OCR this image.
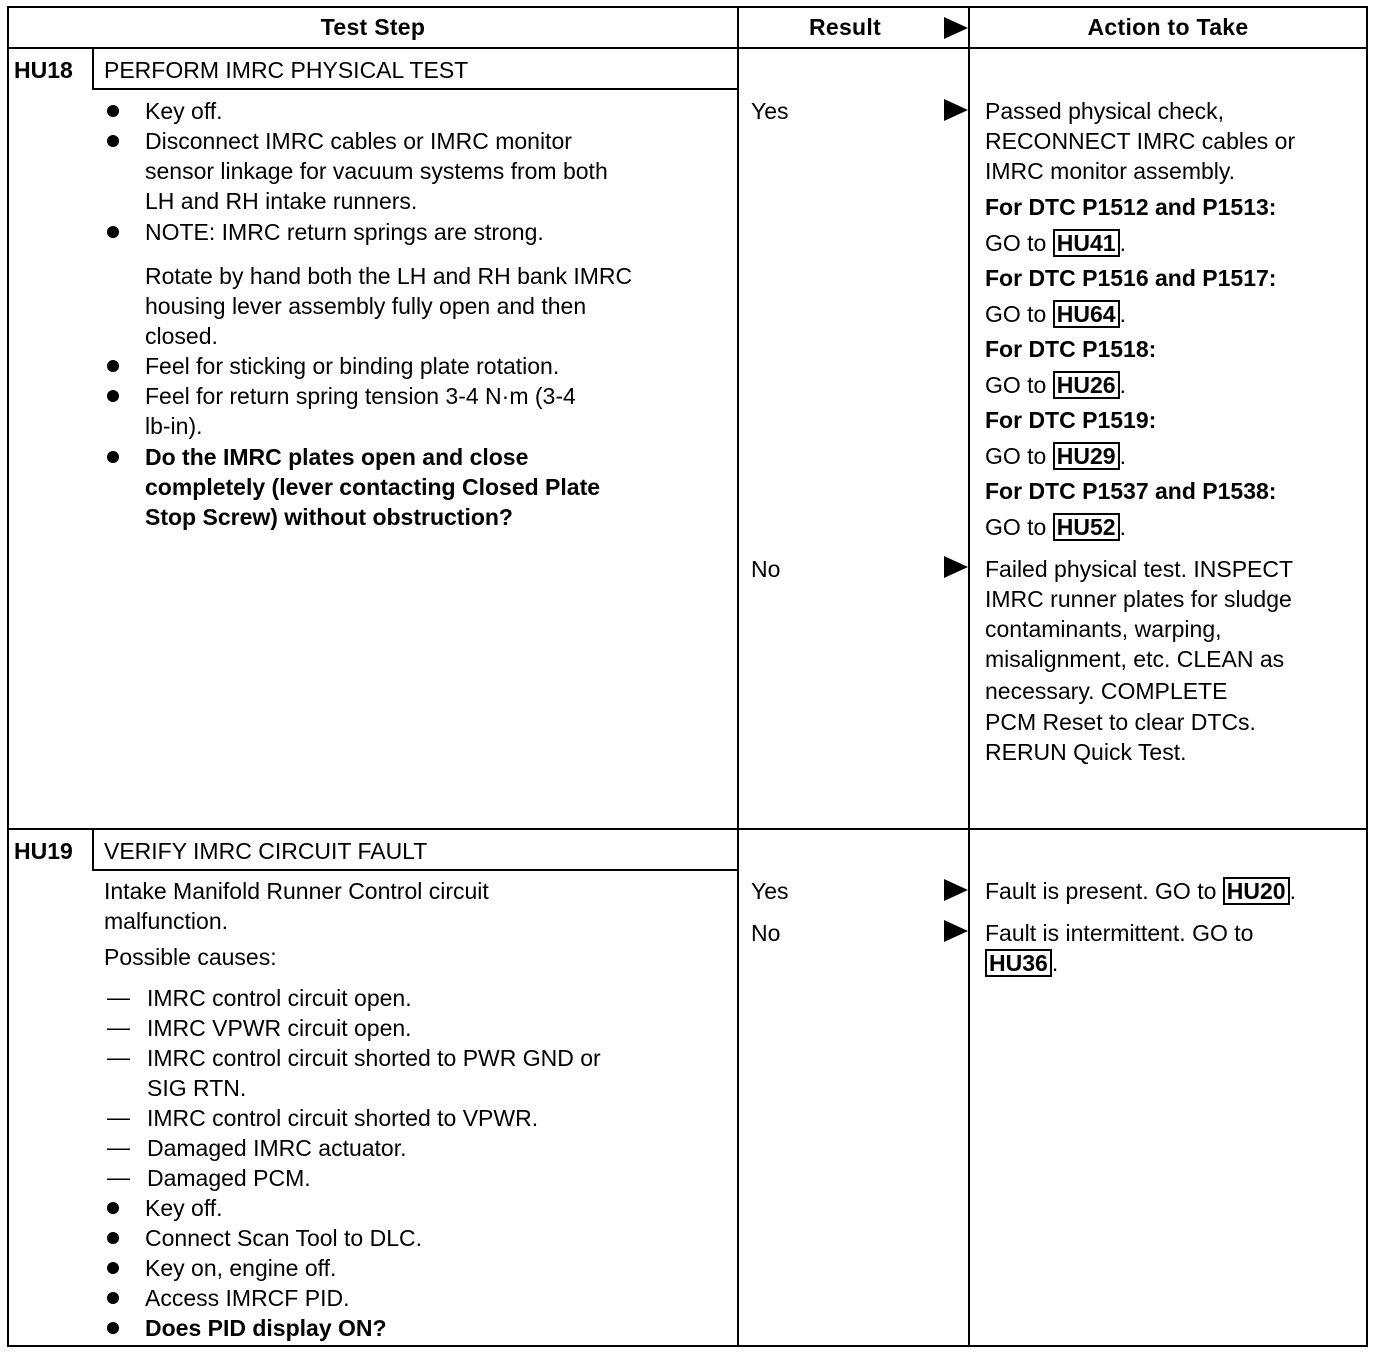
Test Step	Result	Action to Take
HU18 PERFORM IMRC PHYSICAL TEST
Key off.
Disconnect IMRC cables or IMRC monitor
sensor linkage for vacuum systems from both
LH and RH intake runners.
NOTE: IMRC return springs are strong.
Rotate by hand both the LH and RH bank IMRC
housing lever assembly fully open and then
closed.
Feel for sticking or binding plate rotation.
Feel for return spring tension 3-4 N·m (3-4
lb-in).
Do the IMRC plates open and close
completely (lever contacting Closed Plate
Stop Screw) without obstruction?
Yes
No
Passed physical check,
RECONNECT IMRC cables or
IMRC monitor assembly.
For DTC P1512 and P1513:
GO to HU41 .
For DTC P1516 and P1517:
GO to HU64 .
For DTC P1518:
GO to HU26 .
For DTC P1519:
GO to HU29 .
For DTC P1537 and P1538:
GO to HU52 .
Failed physical test. INSPECT
IMRC runner plates for sludge
contaminants, warping,
misalignment, etc. CLEAN as
necessary. COMPLETE
PCM Reset to clear DTCs.
RERUN Quick Test.
HU19 VERIFY IMRC CIRCUIT FAULT
Intake Manifold Runner Control circuit
malfunction.
Possible causes:
— IMRC control circuit open.
— IMRC VPWR circuit open.
— IMRC control circuit shorted to PWR GND or
SIG RTN.
— IMRC control circuit shorted to VPWR.
— Damaged IMRC actuator.
— Damaged PCM.
Key off.
Connect Scan Tool to DLC.
Key on, engine off.
Access IMRCF PID.
Does PID display ON?
Yes
No
Fault is present. GO to HU20 .
Fault is intermittent. GO to
HU36 .
